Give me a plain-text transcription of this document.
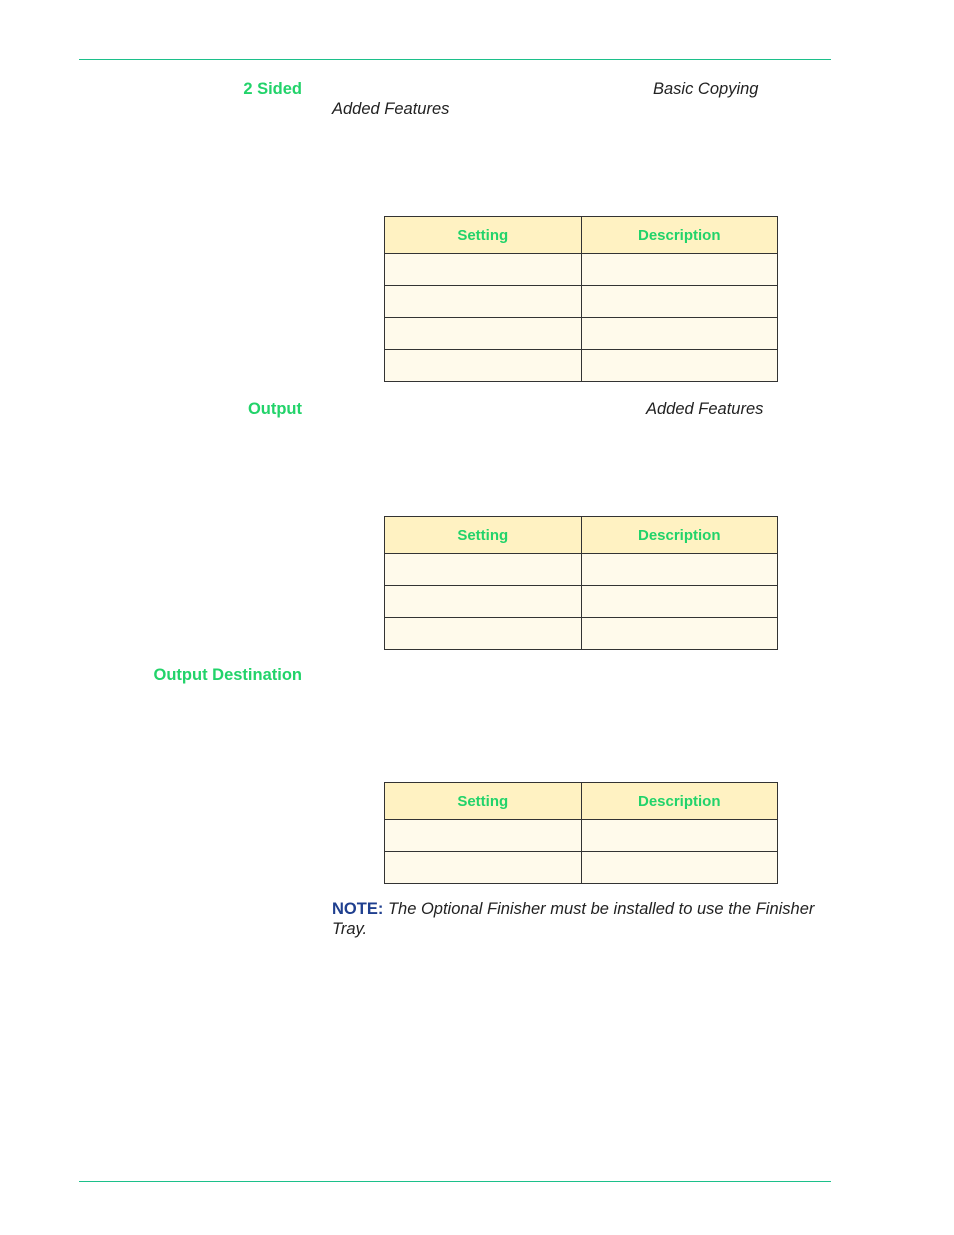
2 Sided	Basic Copying
Added Features
Setting	Description

Output	Added Features
Setting	Description

Output Destination
Setting	Description

NOTE: The Optional Finisher must be installed to use the Finisher Tray.
